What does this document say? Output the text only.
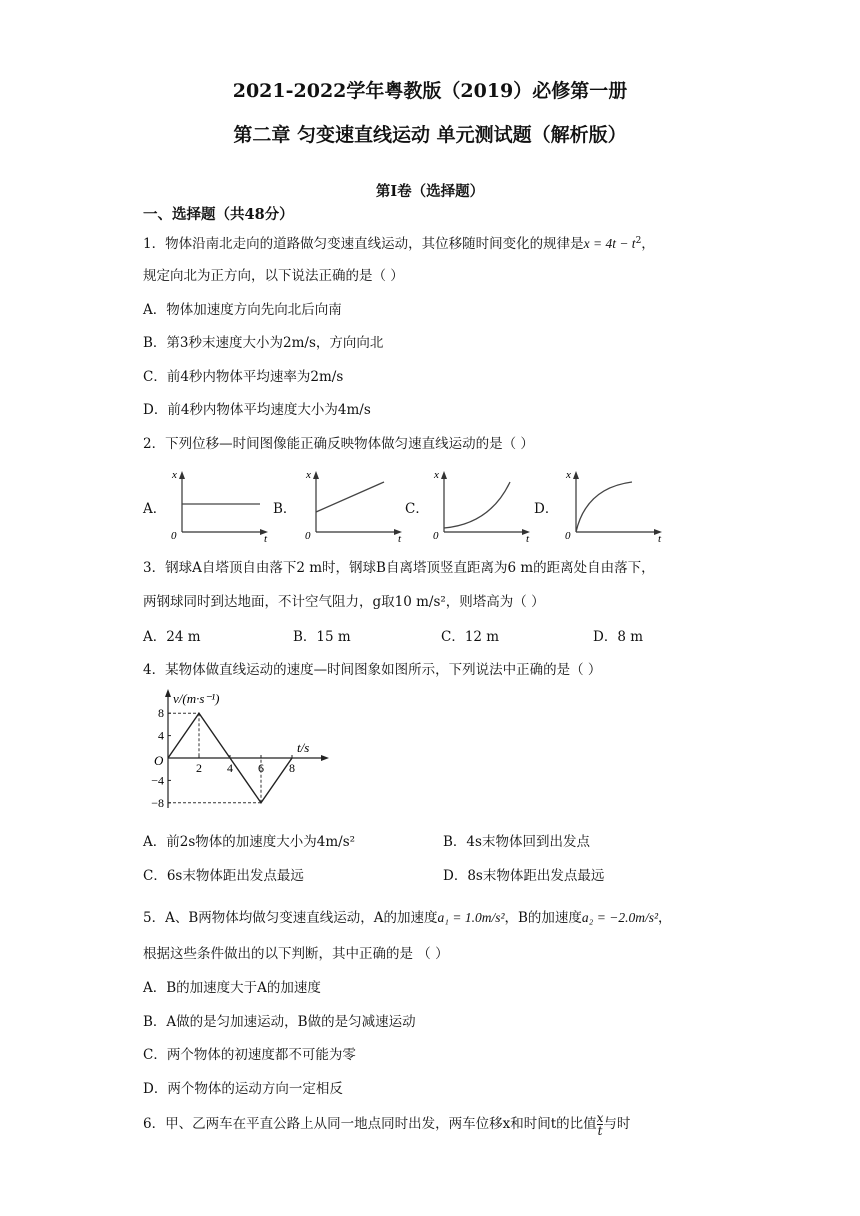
2021-2022学年粤教版（2019）必修第一册
第二章 匀变速直线运动 单元测试题（解析版）
第Ⅰ卷（选择题）
一、选择题（共48分）
1．物体沿南北走向的道路做匀变速直线运动，其位移随时间变化的规律是$x = 4t - t^2$，
规定向北为正方向，以下说法正确的是（ ）
A．物体加速度方向先向北后向南
B．第3秒末速度大小为2m/s，方向向北
C．前4秒内物体平均速率为2m/s
D．前4秒内物体平均速度大小为4m/s
2．下列位移—时间图像能正确反映物体做匀速直线运动的是（ ）
A．
x
0	t
B．
x
0	t
C．
x
0	t
D．
x
0	t
3．钢球A自塔顶自由落下2 m时，钢球B自离塔顶竖直距离为6 m的距离处自由落下，
两钢球同时到达地面，不计空气阻力，g取10 m/s²，则塔高为（ ）
A．24 m	B．15 m	C．12 m	D．8 m
4．某物体做直线运动的速度—时间图象如图所示，下列说法中正确的是（ ）
8
4
−4
−8
2 4 6 8
v/(m·s⁻¹)
t/s
O
A．前2s物体的加速度大小为4m/s²	B．4s末物体回到出发点
C．6s末物体距出发点最远	D．8s末物体距出发点最远
5．A、B两物体均做匀变速直线运动，A的加速度a₁ = 1.0m/s²，B的加速度a₂ = −2.0m/s²，
根据这些条件做出的以下判断，其中正确的是 （ ）
A．B的加速度大于A的加速度
B．A做的是匀加速运动，B做的是匀减速运动
C．两个物体的初速度都不可能为零
D．两个物体的运动方向一定相反
6．甲、乙两车在平直公路上从同一地点同时出发，两车位移x和时间t的比值 $\frac{x}{t}$ 与时
